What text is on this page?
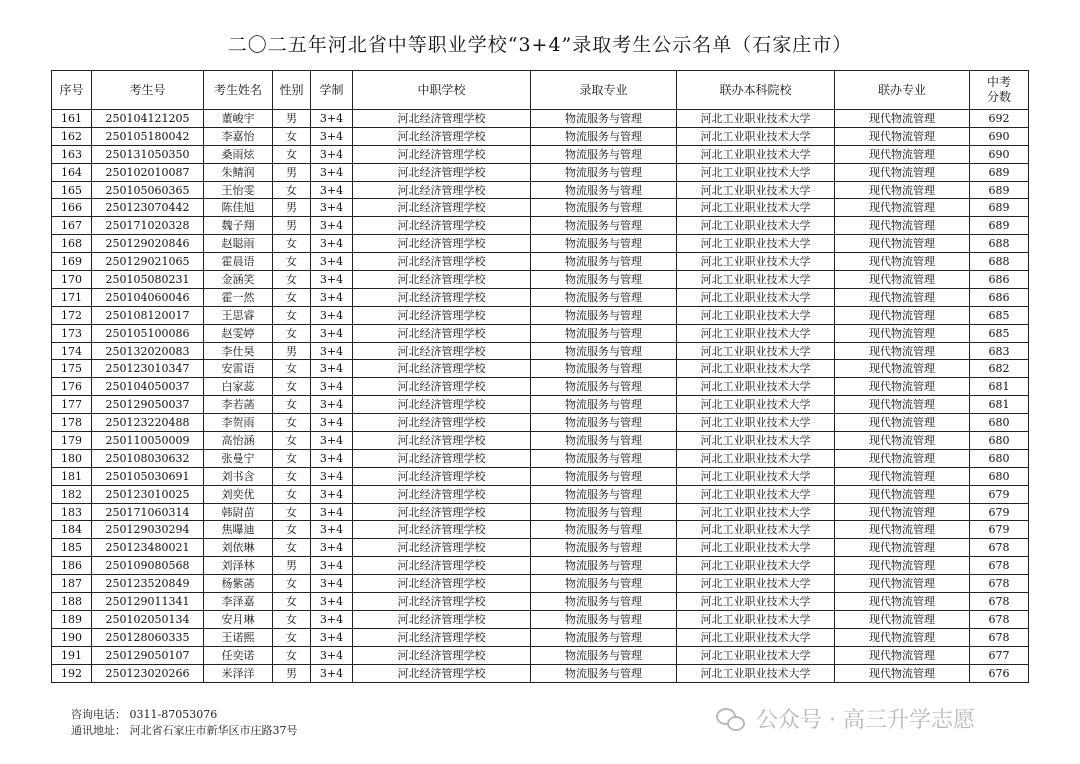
二〇二五年河北省中等职业学校“3+4”录取考生公示名单（石家庄市）
序号	考生号	考生姓名	性别	学制	中职学校	录取专业	联办本科院校	联办专业	中考
分数
161	250104121205	董峻宇	男	3+4	河北经济管理学校	物流服务与管理	河北工业职业技术大学	现代物流管理	692
162	250105180042	李嘉怡	女	3+4	河北经济管理学校	物流服务与管理	河北工业职业技术大学	现代物流管理	690
163	250131050350	桑雨炫	女	3+4	河北经济管理学校	物流服务与管理	河北工业职业技术大学	现代物流管理	690
164	250102010087	朱鲭润	男	3+4	河北经济管理学校	物流服务与管理	河北工业职业技术大学	现代物流管理	689
165	250105060365	王怡雯	女	3+4	河北经济管理学校	物流服务与管理	河北工业职业技术大学	现代物流管理	689
166	250123070442	陈佳旭	男	3+4	河北经济管理学校	物流服务与管理	河北工业职业技术大学	现代物流管理	689
167	250171020328	魏子翔	男	3+4	河北经济管理学校	物流服务与管理	河北工业职业技术大学	现代物流管理	689
168	250129020846	赵聪雨	女	3+4	河北经济管理学校	物流服务与管理	河北工业职业技术大学	现代物流管理	688
169	250129021065	霍晨语	女	3+4	河北经济管理学校	物流服务与管理	河北工业职业技术大学	现代物流管理	688
170	250105080231	金涵笑	女	3+4	河北经济管理学校	物流服务与管理	河北工业职业技术大学	现代物流管理	686
171	250104060046	霍一然	女	3+4	河北经济管理学校	物流服务与管理	河北工业职业技术大学	现代物流管理	686
172	250108120017	王思睿	女	3+4	河北经济管理学校	物流服务与管理	河北工业职业技术大学	现代物流管理	685
173	250105100086	赵雯婷	女	3+4	河北经济管理学校	物流服务与管理	河北工业职业技术大学	现代物流管理	685
174	250132020083	李仕昊	男	3+4	河北经济管理学校	物流服务与管理	河北工业职业技术大学	现代物流管理	683
175	250123010347	安雷语	女	3+4	河北经济管理学校	物流服务与管理	河北工业职业技术大学	现代物流管理	682
176	250104050037	白家蕊	女	3+4	河北经济管理学校	物流服务与管理	河北工业职业技术大学	现代物流管理	681
177	250129050037	李若菡	女	3+4	河北经济管理学校	物流服务与管理	河北工业职业技术大学	现代物流管理	681
178	250123220488	李贺雨	女	3+4	河北经济管理学校	物流服务与管理	河北工业职业技术大学	现代物流管理	680
179	250110050009	高怡涵	女	3+4	河北经济管理学校	物流服务与管理	河北工业职业技术大学	现代物流管理	680
180	250108030632	张曼宁	女	3+4	河北经济管理学校	物流服务与管理	河北工业职业技术大学	现代物流管理	680
181	250105030691	刘书含	女	3+4	河北经济管理学校	物流服务与管理	河北工业职业技术大学	现代物流管理	680
182	250123010025	刘奕优	女	3+4	河北经济管理学校	物流服务与管理	河北工业职业技术大学	现代物流管理	679
183	250171060314	韩尉苗	女	3+4	河北经济管理学校	物流服务与管理	河北工业职业技术大学	现代物流管理	679
184	250129030294	焦曝迪	女	3+4	河北经济管理学校	物流服务与管理	河北工业职业技术大学	现代物流管理	679
185	250123480021	刘依琳	女	3+4	河北经济管理学校	物流服务与管理	河北工业职业技术大学	现代物流管理	678
186	250109080568	刘泽林	男	3+4	河北经济管理学校	物流服务与管理	河北工业职业技术大学	现代物流管理	678
187	250123520849	杨紫菡	女	3+4	河北经济管理学校	物流服务与管理	河北工业职业技术大学	现代物流管理	678
188	250129011341	李泽嘉	女	3+4	河北经济管理学校	物流服务与管理	河北工业职业技术大学	现代物流管理	678
189	250102050134	安月琳	女	3+4	河北经济管理学校	物流服务与管理	河北工业职业技术大学	现代物流管理	678
190	250128060335	王诺熙	女	3+4	河北经济管理学校	物流服务与管理	河北工业职业技术大学	现代物流管理	678
191	250129050107	任奕诺	女	3+4	河北经济管理学校	物流服务与管理	河北工业职业技术大学	现代物流管理	677
192	250123020266	米泽洋	男	3+4	河北经济管理学校	物流服务与管理	河北工业职业技术大学	现代物流管理	676
咨询电话： 0311-87053076
通讯地址： 河北省石家庄市新华区市庄路37号	公众号 · 高三升学志愿
